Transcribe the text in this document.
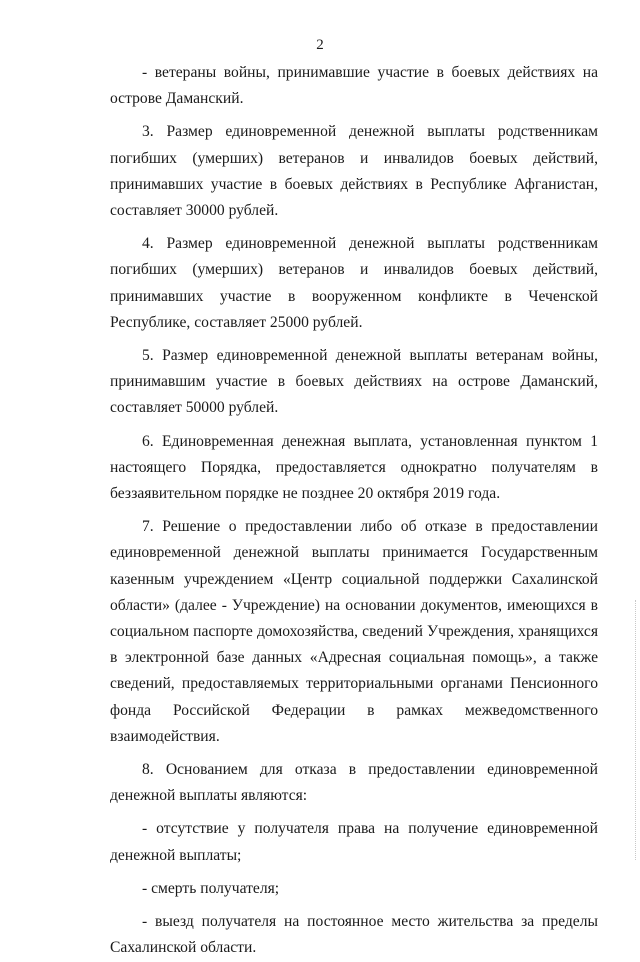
2

- ветераны войны, принимавшие участие в боевых действиях на острове Даманский.

3. Размер единовременной денежной выплаты родственникам погибших (умерших) ветеранов и инвалидов боевых действий, принимавших участие в боевых действиях в Республике Афганистан, составляет 30000 рублей.

4. Размер единовременной денежной выплаты родственникам погибших (умерших) ветеранов и инвалидов боевых действий, принимавших участие в вооруженном конфликте в Чеченской Республике, составляет 25000 рублей.

5. Размер единовременной денежной выплаты ветеранам войны, принимавшим участие в боевых действиях на острове Даманский, составляет 50000 рублей.

6. Единовременная денежная выплата, установленная пунктом 1 настоящего Порядка, предоставляется однократно получателям в беззаявительном порядке не позднее 20 октября 2019 года.

7. Решение о предоставлении либо об отказе в предоставлении единовременной денежной выплаты принимается Государственным казенным учреждением «Центр социальной поддержки Сахалинской области» (далее - Учреждение) на основании документов, имеющихся в социальном паспорте домохозяйства, сведений Учреждения, хранящихся в электронной базе данных «Адресная социальная помощь», а также сведений, предоставляемых территориальными органами Пенсионного фонда Российской Федерации в рамках межведомственного взаимодействия.

8. Основанием для отказа в предоставлении единовременной денежной выплаты являются:

- отсутствие у получателя права на получение единовременной денежной выплаты;

- смерть получателя;

- выезд получателя на постоянное место жительства за пределы Сахалинской области.
